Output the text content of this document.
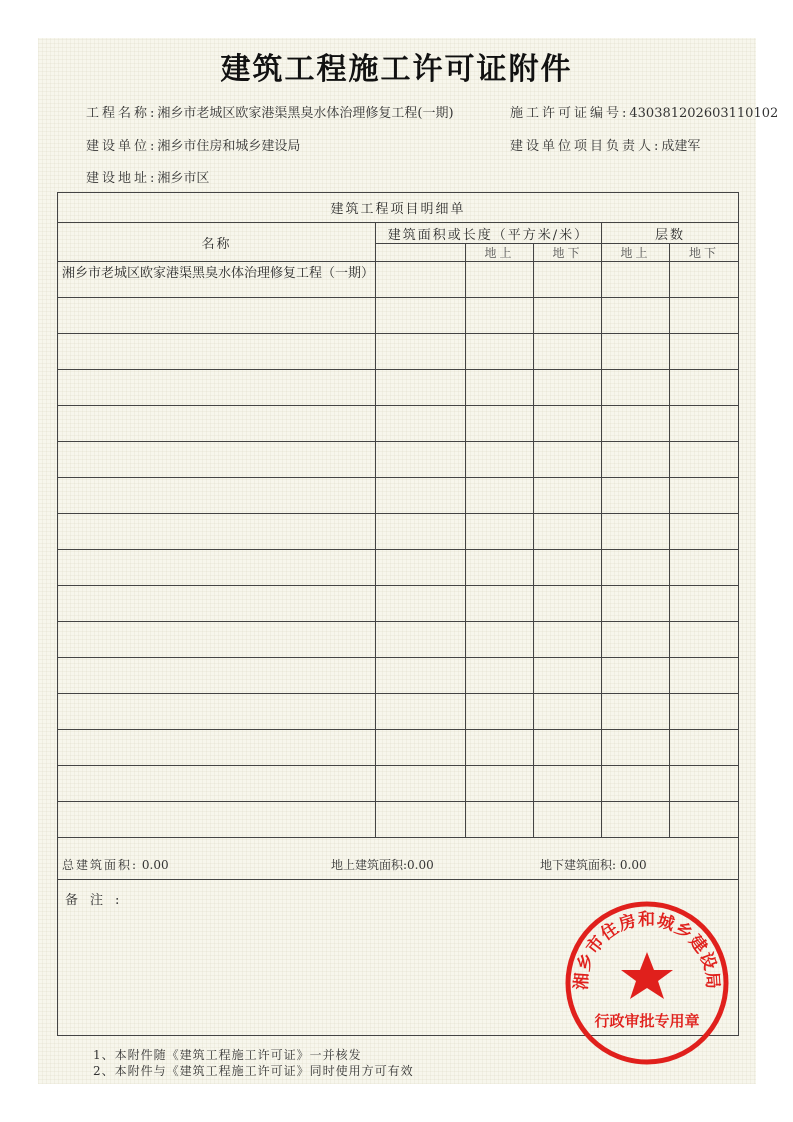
建筑工程施工许可证附件
工程名称:湘乡市老城区欧家港渠黑臭水体治理修复工程(一期)	施工许可证编号:430381202603110102
建设单位:湘乡市住房和城乡建设局	建设单位项目负责人:成建军
建设地址:湘乡市区
建筑工程项目明细单					
名称	建筑面积或长度（平方米/米）			层数	
		地上	地下	地上	地下
湘乡市老城区欧家港渠黑臭水体治理修复工程（一期）					

总建筑面积: 0.00	地上建筑面积:0.00	地下建筑面积: 0.00
备注:
湘乡市住房和城乡建设局
行政审批专用章
1、本附件随《建筑工程施工许可证》一并核发
2、本附件与《建筑工程施工许可证》同时使用方可有效
